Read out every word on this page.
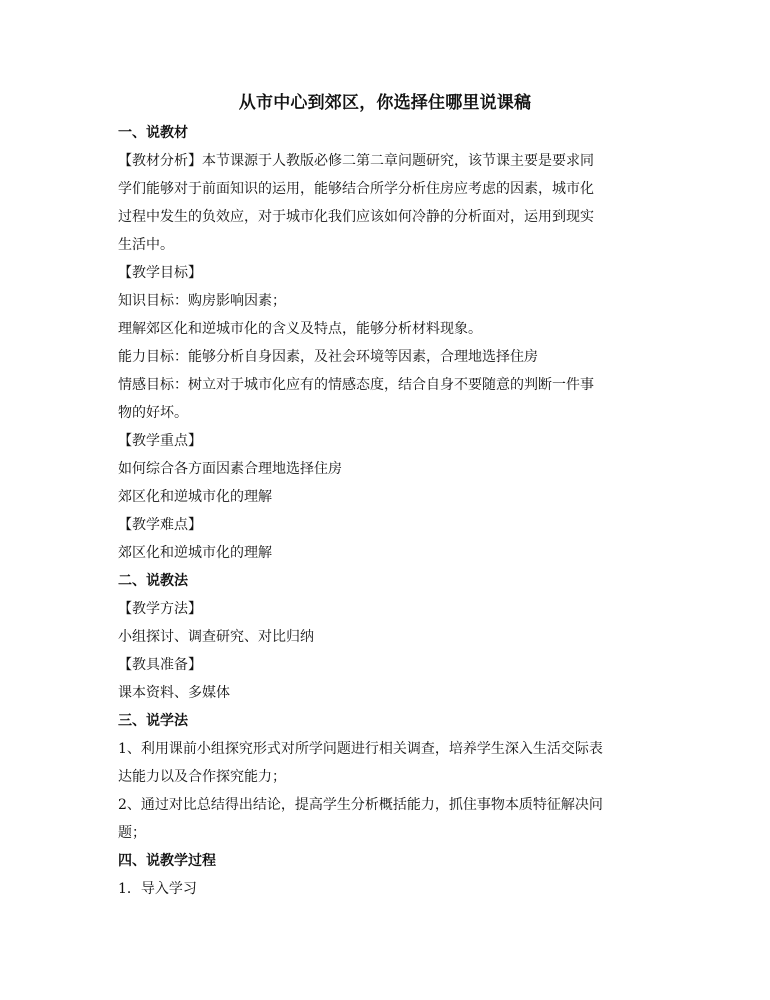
从市中心到郊区，你选择住哪里说课稿
一、说教材
【教材分析】本节课源于人教版必修二第二章问题研究，该节课主要是要求同
学们能够对于前面知识的运用，能够结合所学分析住房应考虑的因素，城市化
过程中发生的负效应，对于城市化我们应该如何冷静的分析面对，运用到现实
生活中。
【教学目标】
知识目标：购房影响因素；
理解郊区化和逆城市化的含义及特点，能够分析材料现象。
能力目标：能够分析自身因素，及社会环境等因素，合理地选择住房
情感目标：树立对于城市化应有的情感态度，结合自身不要随意的判断一件事
物的好坏。
【教学重点】
如何综合各方面因素合理地选择住房
郊区化和逆城市化的理解
【教学难点】
郊区化和逆城市化的理解
二、说教法
【教学方法】
小组探讨、调查研究、对比归纳
【教具准备】
课本资料、多媒体
三、说学法
1、利用课前小组探究形式对所学问题进行相关调查，培养学生深入生活交际表
达能力以及合作探究能力；
2、通过对比总结得出结论，提高学生分析概括能力，抓住事物本质特征解决问
题；
四、说教学过程
1．导入学习
